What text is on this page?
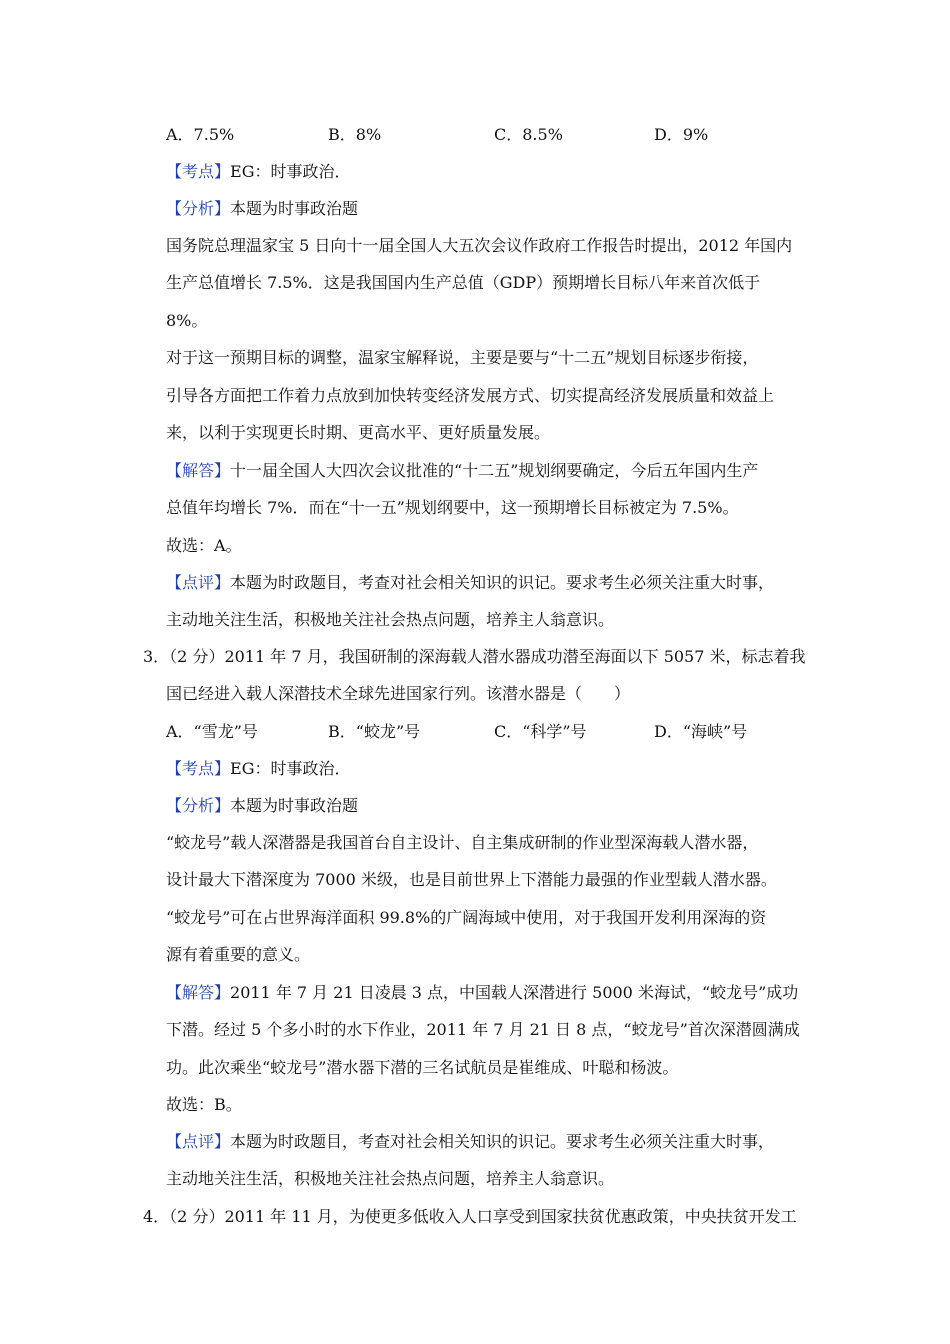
A．7.5%	B．8%	C．8.5%	D．9%
【考点】EG：时事政治．
【分析】本题为时事政治题
国务院总理温家宝 5 日向十一届全国人大五次会议作政府工作报告时提出，2012 年国内
生产总值增长 7.5%．这是我国国内生产总值（GDP）预期增长目标八年来首次低于
8%。
对于这一预期目标的调整，温家宝解释说，主要是要与“十二五”规划目标逐步衔接，
引导各方面把工作着力点放到加快转变经济发展方式、切实提高经济发展质量和效益上
来，以利于实现更长时期、更高水平、更好质量发展。
【解答】十一届全国人大四次会议批准的“十二五”规划纲要确定，今后五年国内生产
总值年均增长 7%．而在“十一五”规划纲要中，这一预期增长目标被定为 7.5%。
故选：A。
【点评】本题为时政题目，考查对社会相关知识的识记。要求考生必须关注重大时事，
主动地关注生活，积极地关注社会热点问题，培养主人翁意识。
3．（2 分）2011 年 7 月，我国研制的深海载人潜水器成功潜至海面以下 5057 米，标志着我
国已经进入载人深潜技术全球先进国家行列。该潜水器是（　　）
A．“雪龙”号	B．“蛟龙”号	C．“科学”号	D．“海峡”号
【考点】EG：时事政治．
【分析】本题为时事政治题
“蛟龙号”载人深潜器是我国首台自主设计、自主集成研制的作业型深海载人潜水器，
设计最大下潜深度为 7000 米级，也是目前世界上下潜能力最强的作业型载人潜水器。
“蛟龙号”可在占世界海洋面积 99.8%的广阔海域中使用，对于我国开发利用深海的资
源有着重要的意义。
【解答】2011 年 7 月 21 日凌晨 3 点，中国载人深潜进行 5000 米海试，“蛟龙号”成功
下潜。经过 5 个多小时的水下作业，2011 年 7 月 21 日 8 点，“蛟龙号”首次深潜圆满成
功。此次乘坐“蛟龙号”潜水器下潜的三名试航员是崔维成、叶聪和杨波。
故选：B。
【点评】本题为时政题目，考查对社会相关知识的识记。要求考生必须关注重大时事，
主动地关注生活，积极地关注社会热点问题，培养主人翁意识。
4．（2 分）2011 年 11 月，为使更多低收入人口享受到国家扶贫优惠政策，中央扶贫开发工
